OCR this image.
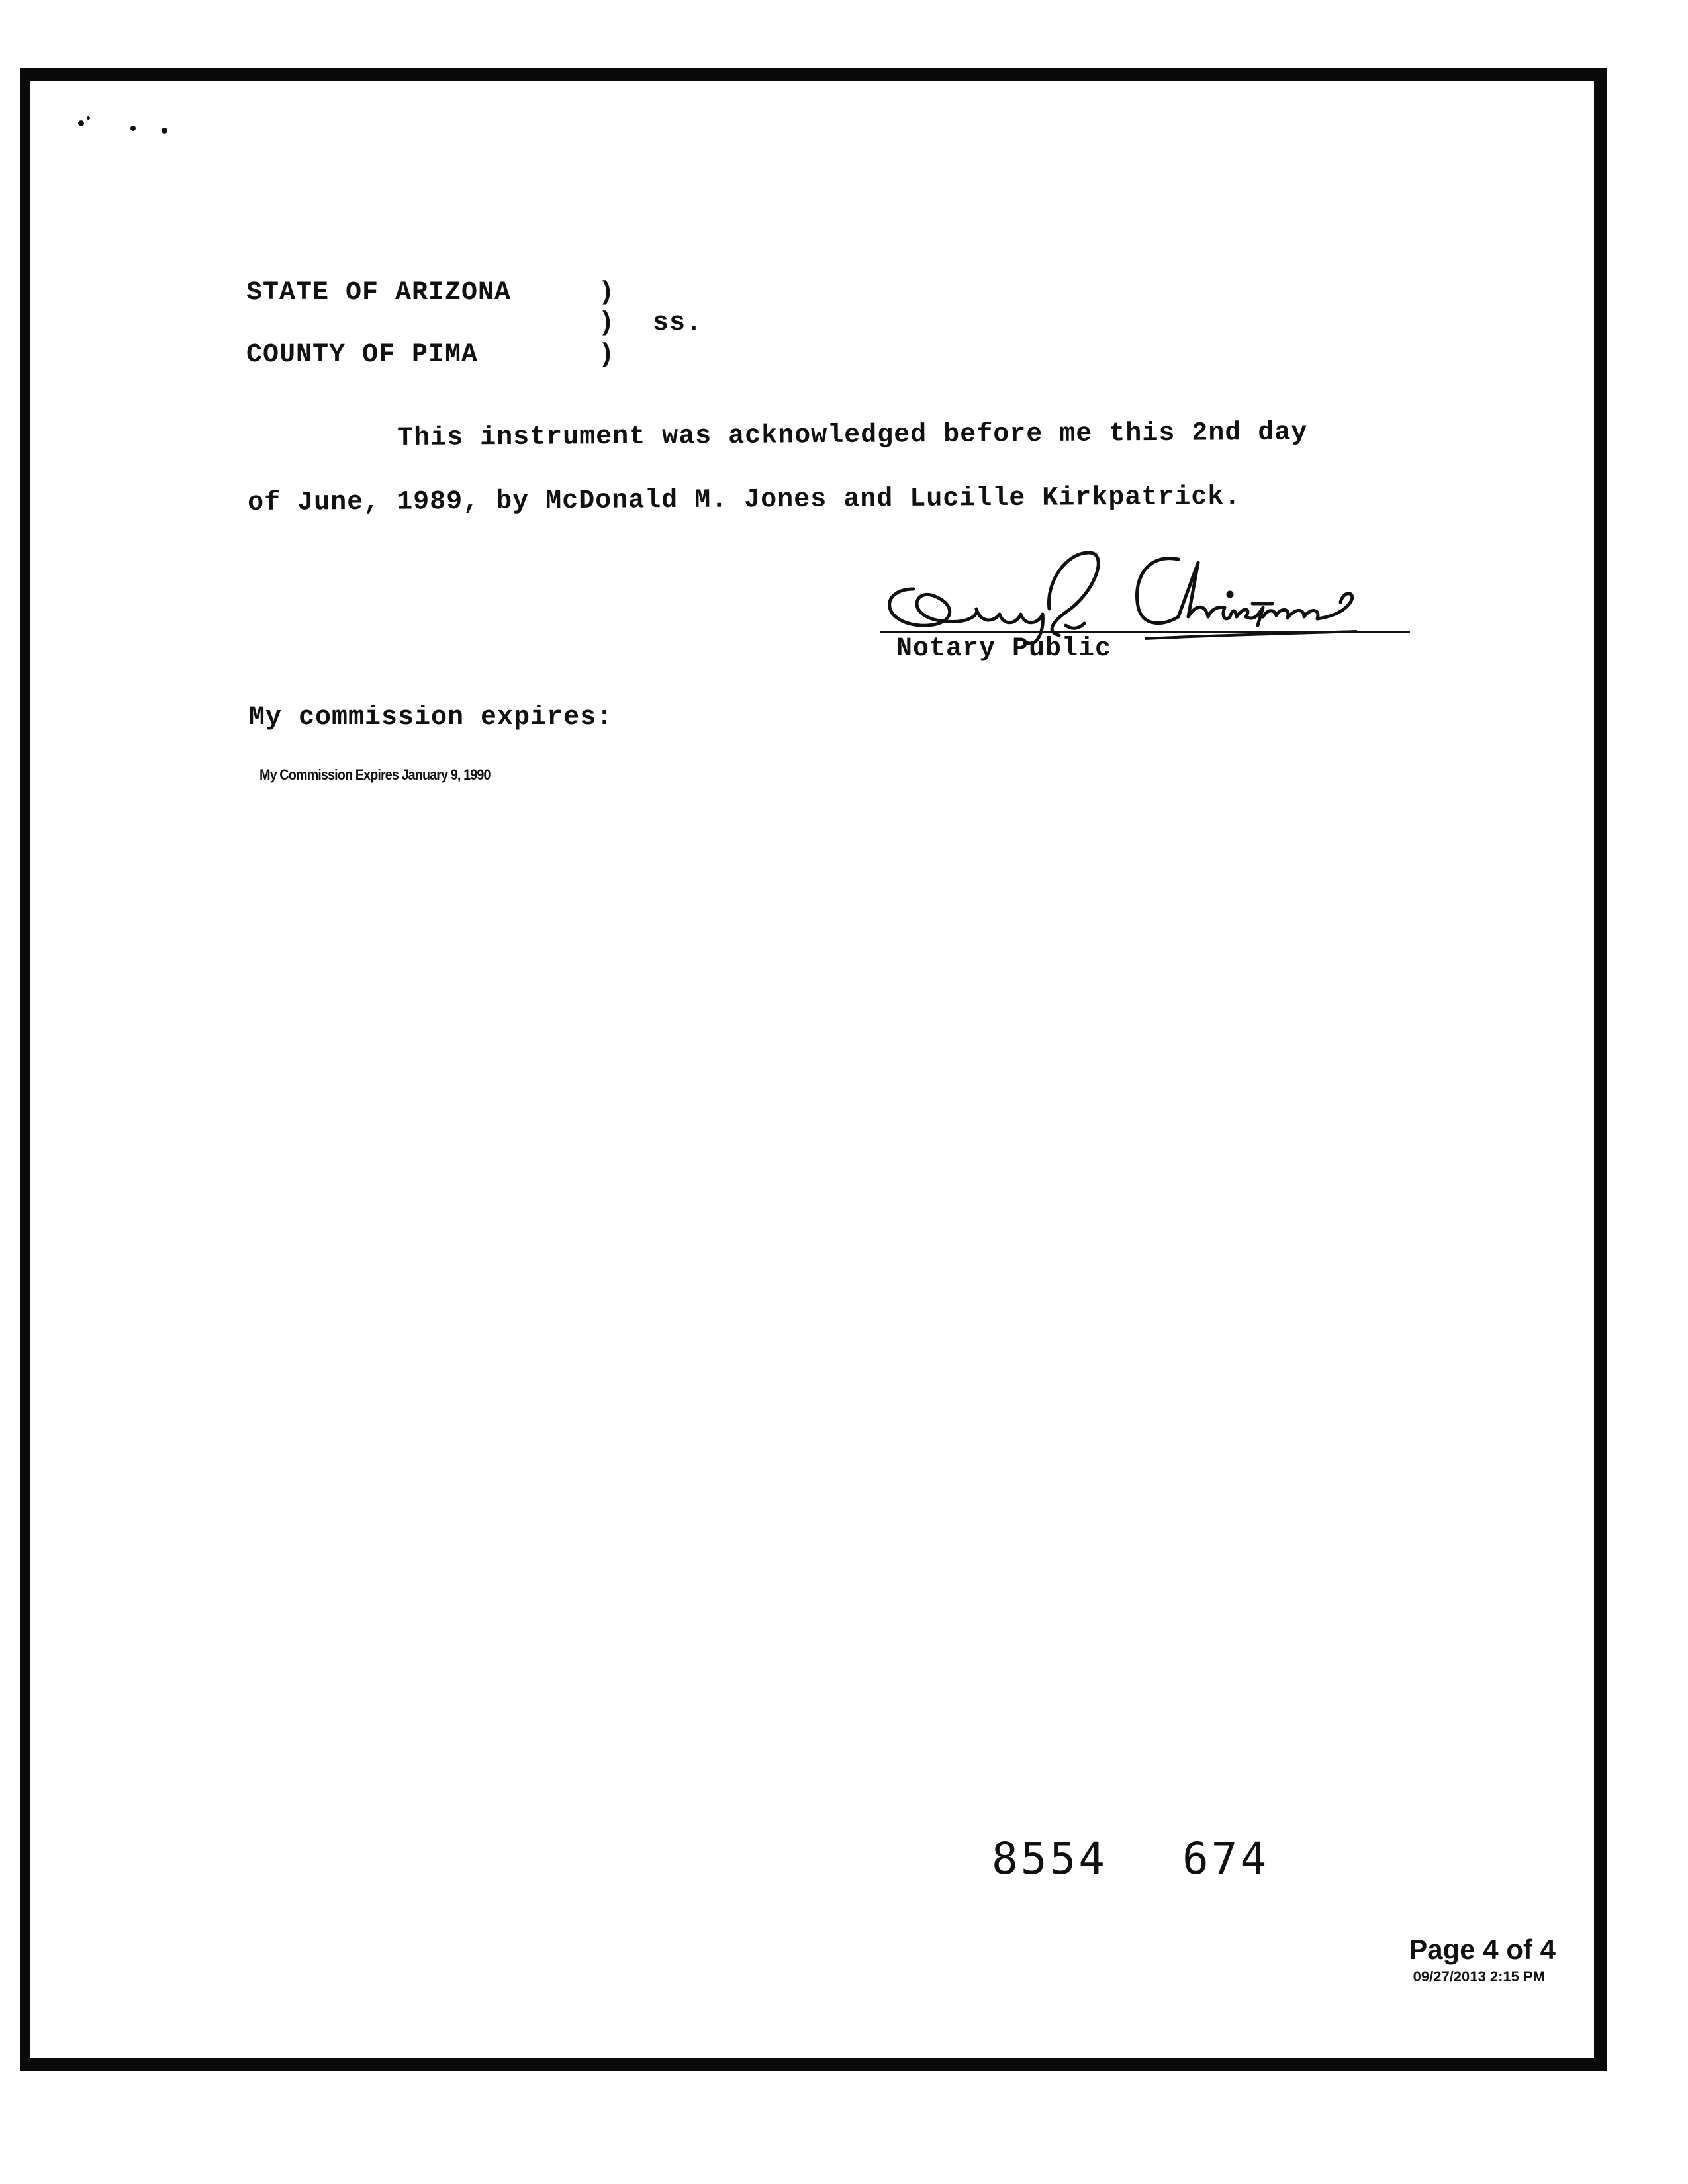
STATE OF ARIZONA	)
) ss.
COUNTY OF PIMA	)
This instrument was acknowledged before me this 2nd day
of June, 1989, by McDonald M. Jones and Lucille Kirkpatrick.
Notary Public
My commission expires:
My Commission Expires January 9, 1990
8554 674
Page 4 of 4
09/27/2013 2:15 PM
